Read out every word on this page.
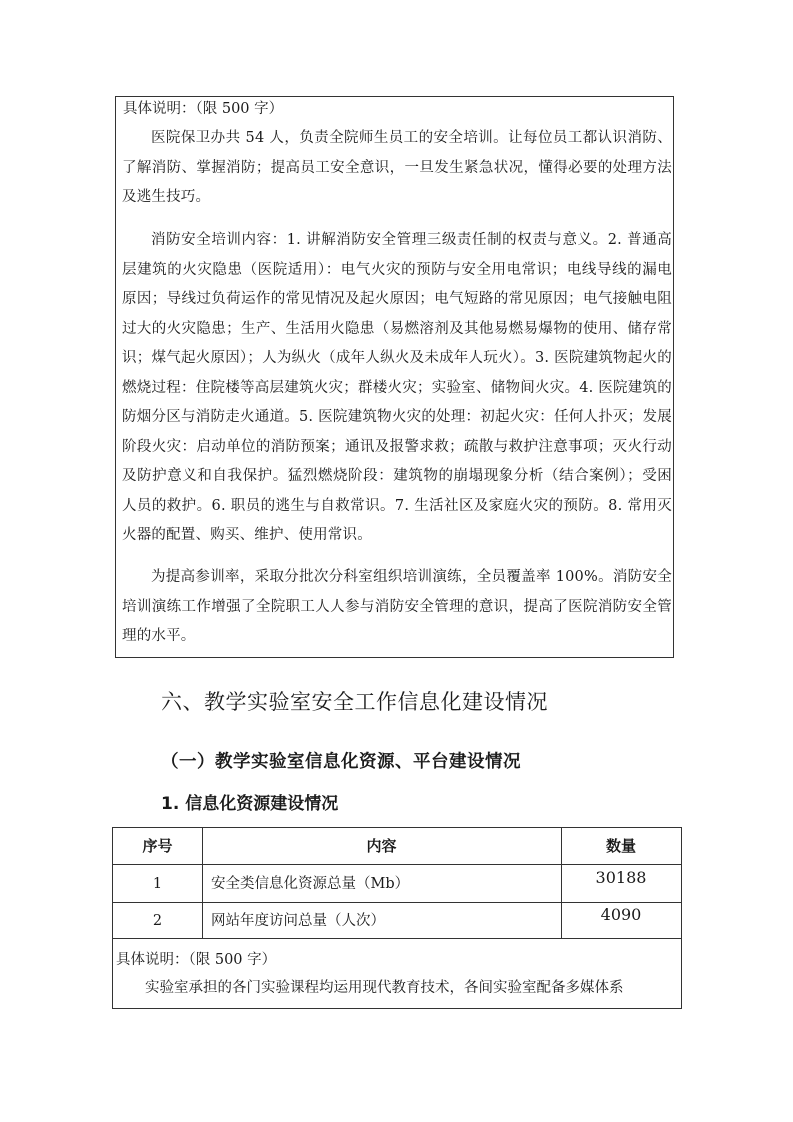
具体说明：（限 500 字）
医院保卫办共 54 人，负责全院师生员工的安全培训。让每位员工都认识消防、了解消防、掌握消防；提高员工安全意识，一旦发生紧急状况，懂得必要的处理方法及逃生技巧。
消防安全培训内容：1. 讲解消防安全管理三级责任制的权责与意义。2. 普通高层建筑的火灾隐患（医院适用）：电气火灾的预防与安全用电常识；电线导线的漏电原因；导线过负荷运作的常见情况及起火原因；电气短路的常见原因；电气接触电阻过大的火灾隐患；生产、生活用火隐患（易燃溶剂及其他易燃易爆物的使用、储存常识；煤气起火原因）；人为纵火（成年人纵火及未成年人玩火）。3. 医院建筑物起火的燃烧过程：住院楼等高层建筑火灾；群楼火灾；实验室、储物间火灾。4. 医院建筑的防烟分区与消防走火通道。5. 医院建筑物火灾的处理：初起火灾：任何人扑灭；发展阶段火灾：启动单位的消防预案；通讯及报警求救；疏散与救护注意事项；灭火行动及防护意义和自我保护。猛烈燃烧阶段：建筑物的崩塌现象分析（结合案例）；受困人员的救护。6. 职员的逃生与自救常识。7. 生活社区及家庭火灾的预防。8. 常用灭火器的配置、购买、维护、使用常识。
为提高参训率，采取分批次分科室组织培训演练，全员覆盖率 100%。消防安全培训演练工作增强了全院职工人人参与消防安全管理的意识，提高了医院消防安全管理的水平。
六、教学实验室安全工作信息化建设情况
（一）教学实验室信息化资源、平台建设情况
1. 信息化资源建设情况
序号	内容	数量
1	安全类信息化资源总量（Mb）	30188
2	网站年度访问总量（人次）	4090
具体说明：（限 500 字）
实验室承担的各门实验课程均运用现代教育技术，各间实验室配备多媒体系
